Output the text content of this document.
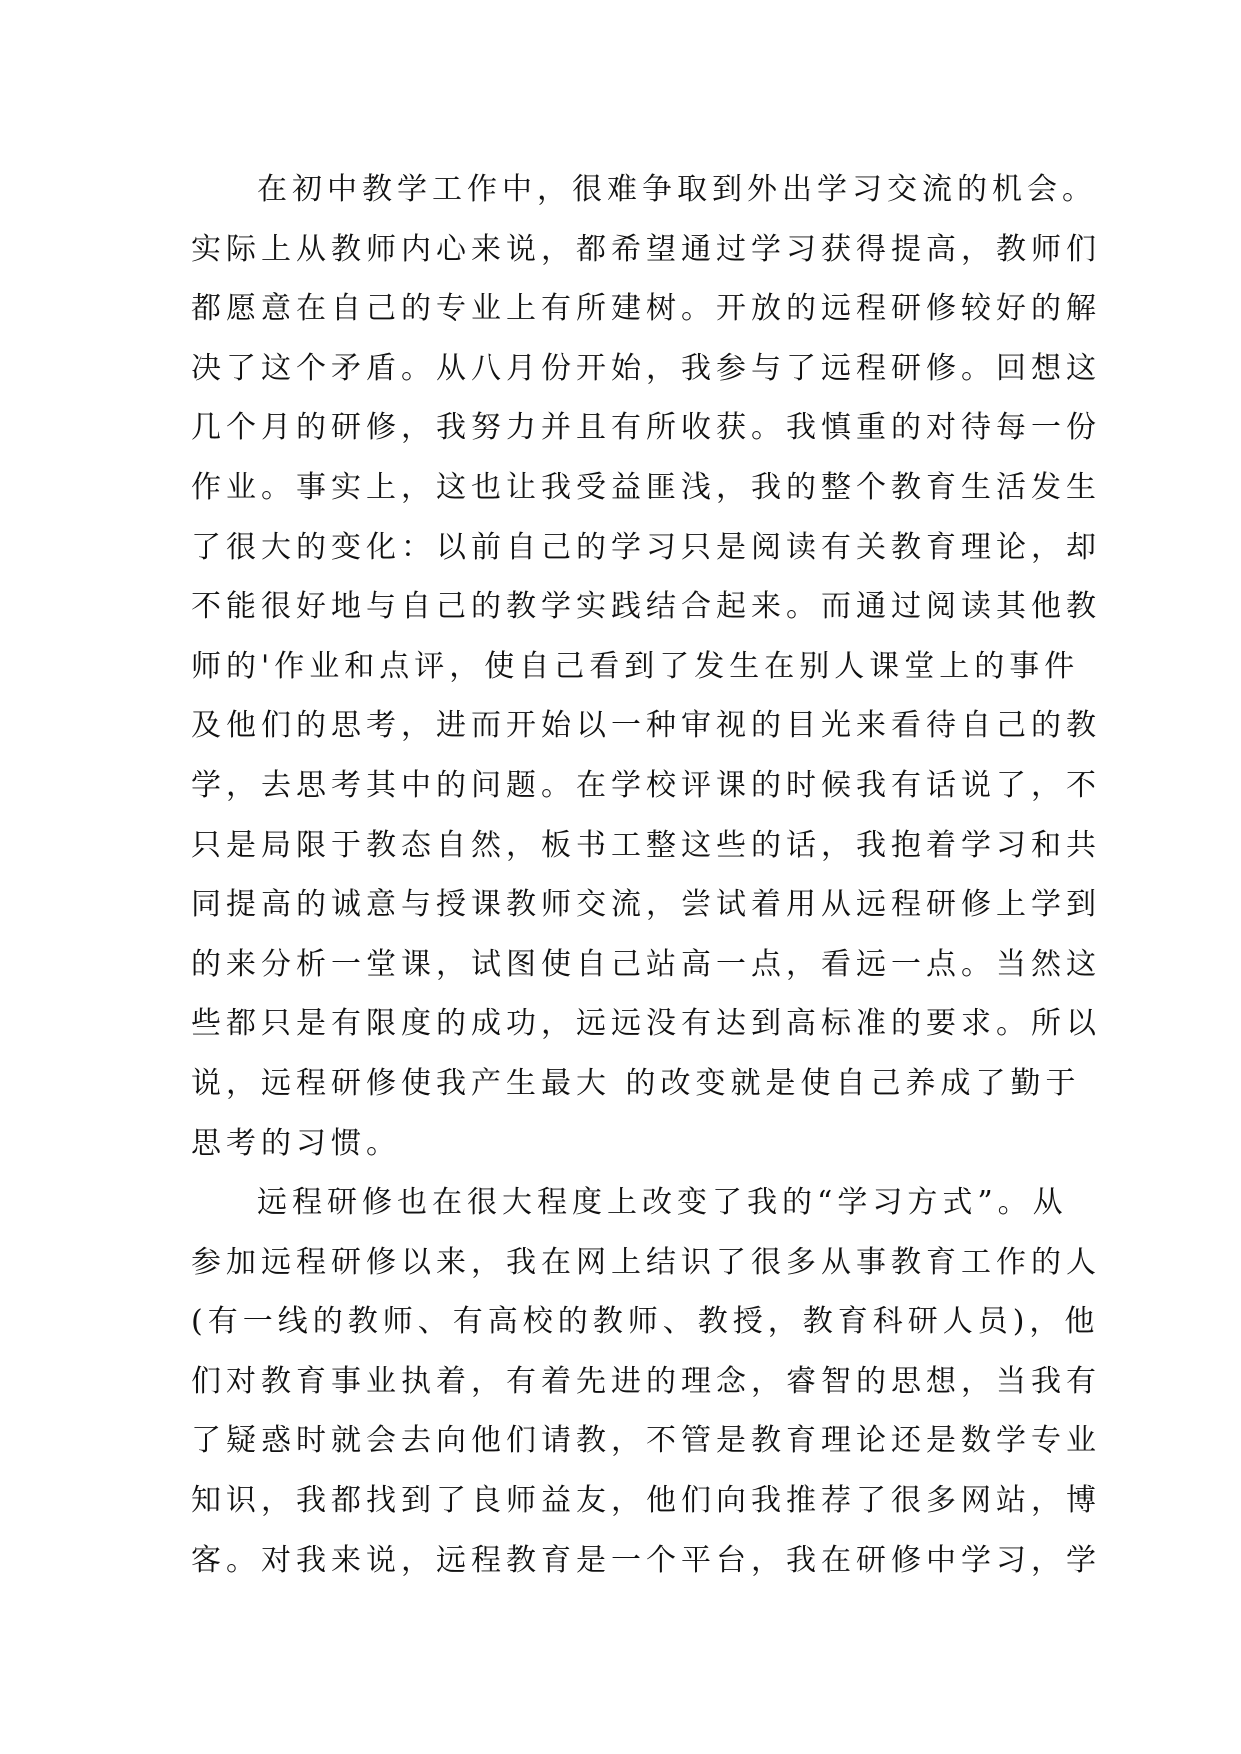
在初中教学工作中，很难争取到外出学习交流的机会。
实际上从教师内心来说，都希望通过学习获得提高，教师们
都愿意在自己的专业上有所建树。开放的远程研修较好的解
决了这个矛盾。从八月份开始，我参与了远程研修。回想这
几个月的研修，我努力并且有所收获。我慎重的对待每一份
作业。事实上，这也让我受益匪浅，我的整个教育生活发生
了很大的变化：以前自己的学习只是阅读有关教育理论，却
不能很好地与自己的教学实践结合起来。而通过阅读其他教
师的'作业和点评，使自己看到了发生在别人课堂上的事件
及他们的思考，进而开始以一种审视的目光来看待自己的教
学，去思考其中的问题。在学校评课的时候我有话说了，不
只是局限于教态自然，板书工整这些的话，我抱着学习和共
同提高的诚意与授课教师交流，尝试着用从远程研修上学到
的来分析一堂课，试图使自己站高一点，看远一点。当然这
些都只是有限度的成功，远远没有达到高标准的要求。所以
说，远程研修使我产生最大 的改变就是使自己养成了勤于
思考的习惯。
远程研修也在很大程度上改变了我的“学习方式”。从
参加远程研修以来，我在网上结识了很多从事教育工作的人
(有一线的教师、有高校的教师、教授，教育科研人员)，他
们对教育事业执着，有着先进的理念，睿智的思想，当我有
了疑惑时就会去向他们请教，不管是教育理论还是数学专业
知识，我都找到了良师益友，他们向我推荐了很多网站，博
客。对我来说，远程教育是一个平台，我在研修中学习，学
